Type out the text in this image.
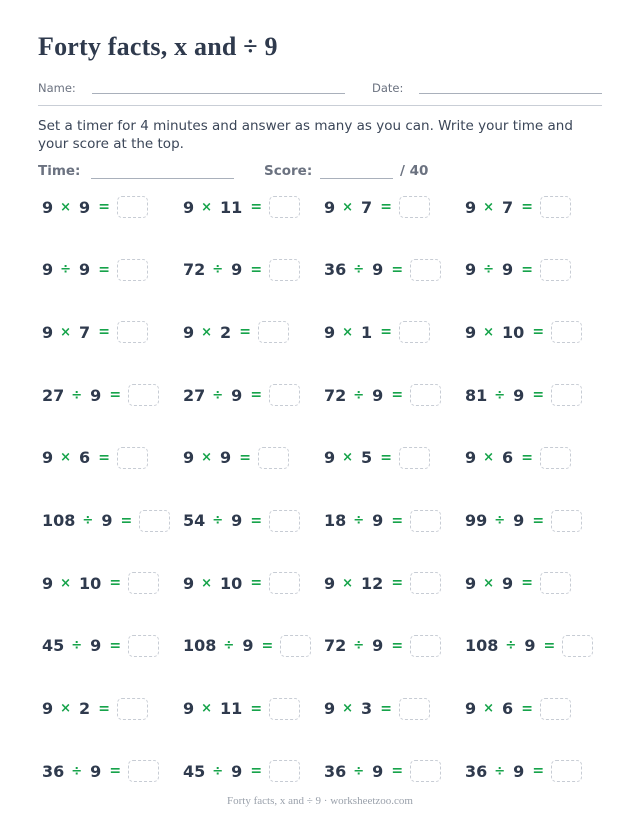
Forty facts, x and ÷ 9
Name:	Date:
Set a timer for 4 minutes and answer as many as you can. Write your time and your score at the top.
Time:	Score:	/ 40
9 × 9 =	9 × 11 =	9 × 7 =	9 × 7 =
9 ÷ 9 =	72 ÷ 9 =	36 ÷ 9 =	9 ÷ 9 =
9 × 7 =	9 × 2 =	9 × 1 =	9 × 10 =
27 ÷ 9 =	27 ÷ 9 =	72 ÷ 9 =	81 ÷ 9 =
9 × 6 =	9 × 9 =	9 × 5 =	9 × 6 =
108 ÷ 9 =	54 ÷ 9 =	18 ÷ 9 =	99 ÷ 9 =
9 × 10 =	9 × 10 =	9 × 12 =	9 × 9 =
45 ÷ 9 =	108 ÷ 9 =	72 ÷ 9 =	108 ÷ 9 =
9 × 2 =	9 × 11 =	9 × 3 =	9 × 6 =
36 ÷ 9 =	45 ÷ 9 =	36 ÷ 9 =	36 ÷ 9 =
Forty facts, x and ÷ 9 · worksheetzoo.com
